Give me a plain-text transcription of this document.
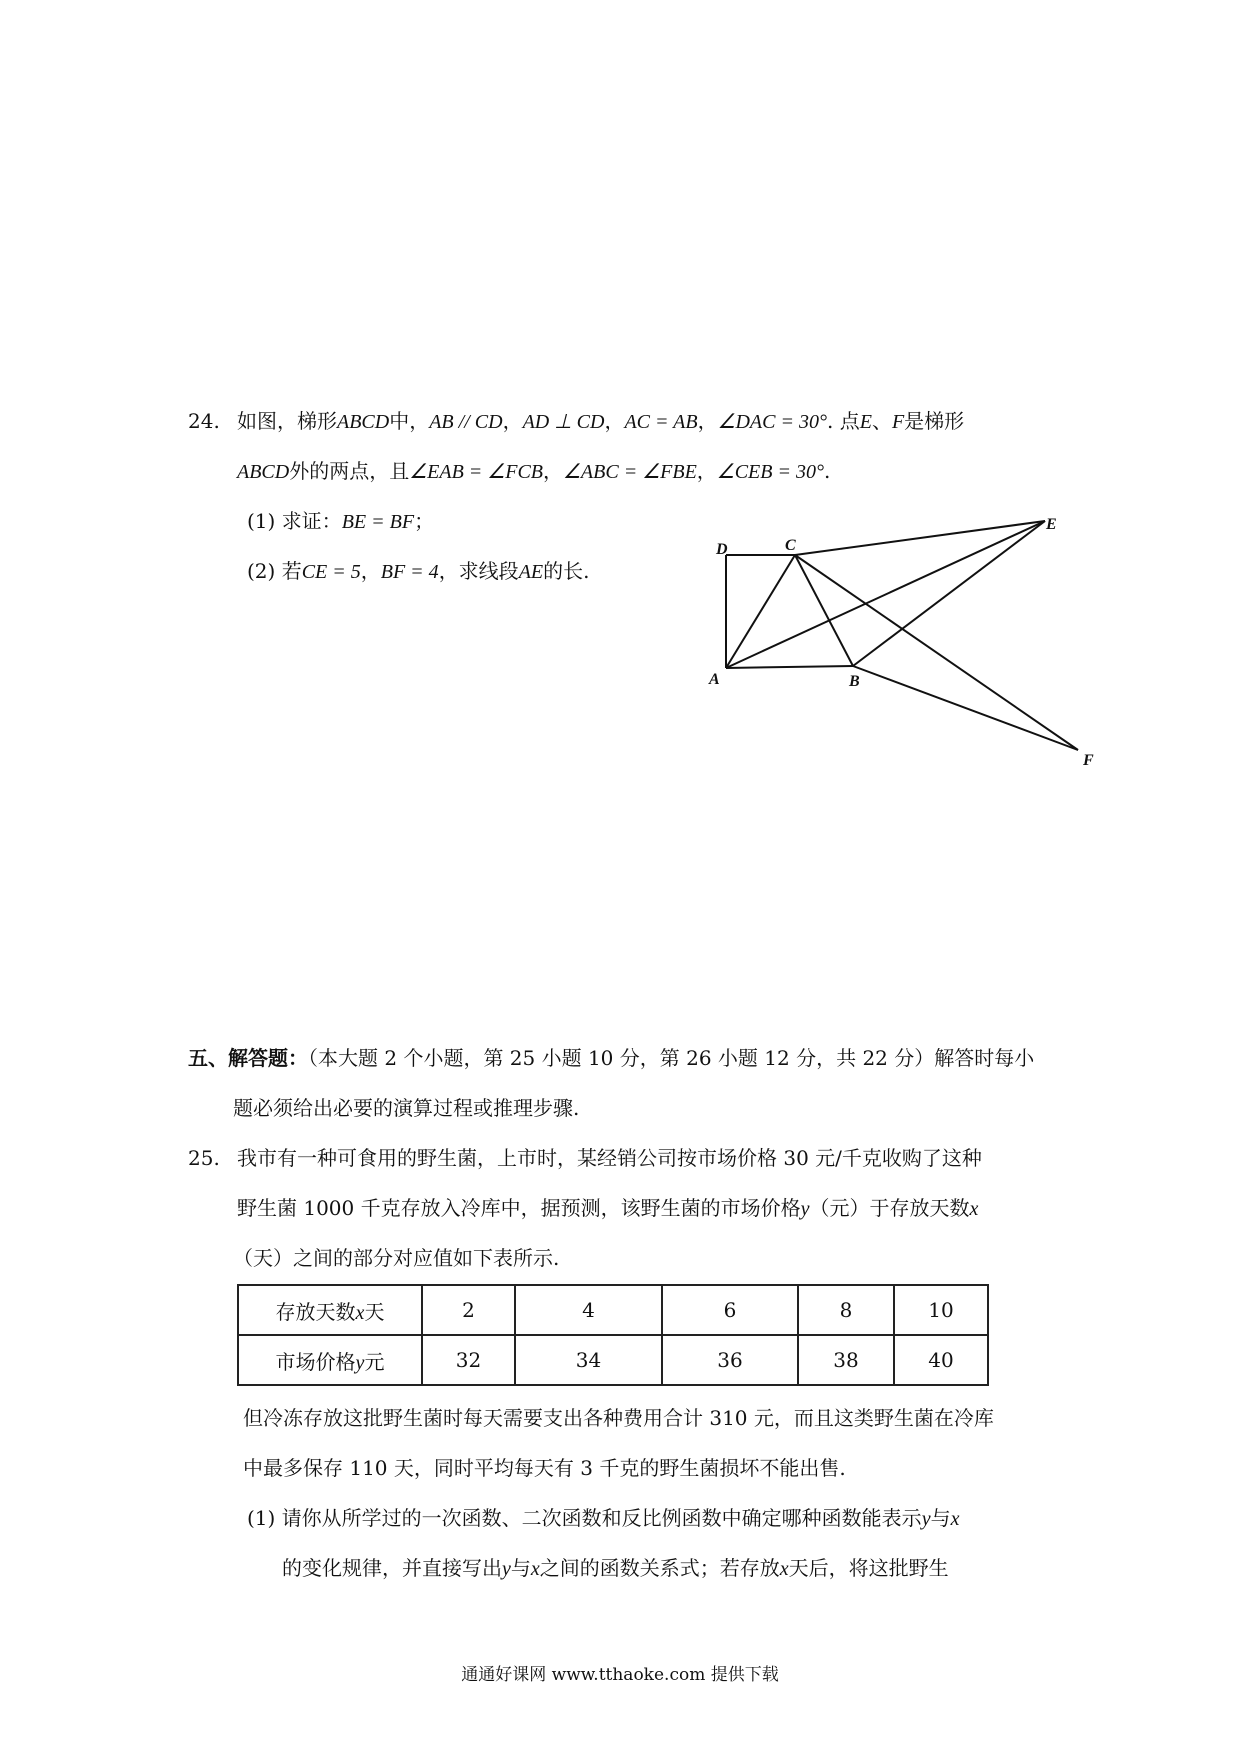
24. 如图，梯形ABCD中，AB // CD，AD ⊥ CD，AC = AB，∠DAC = 30°. 点E、F是梯形
ABCD外的两点，且∠EAB = ∠FCB，∠ABC = ∠FBE，∠CEB = 30°.
(1) 求证：BE = BF；
(2) 若CE = 5，BF = 4，求线段AE的长.
D	C
E
A	B
F
五、解答题：（本大题 2 个小题，第 25 小题 10 分，第 26 小题 12 分，共 22 分）解答时每小
题必须给出必要的演算过程或推理步骤.
25. 我市有一种可食用的野生菌，上市时，某经销公司按市场价格 30 元/千克收购了这种
野生菌 1000 千克存放入冷库中，据预测，该野生菌的市场价格y（元）于存放天数x
（天）之间的部分对应值如下表所示.
存放天数x天	2	4	6	8	10
市场价格y元	32	34	36	38	40
但冷冻存放这批野生菌时每天需要支出各种费用合计 310 元，而且这类野生菌在冷库
中最多保存 110 天，同时平均每天有 3 千克的野生菌损坏不能出售.
(1) 请你从所学过的一次函数、二次函数和反比例函数中确定哪种函数能表示y与x
的变化规律，并直接写出y与x之间的函数关系式；若存放x天后，将这批野生
通通好课网 www.tthaoke.com 提供下载
